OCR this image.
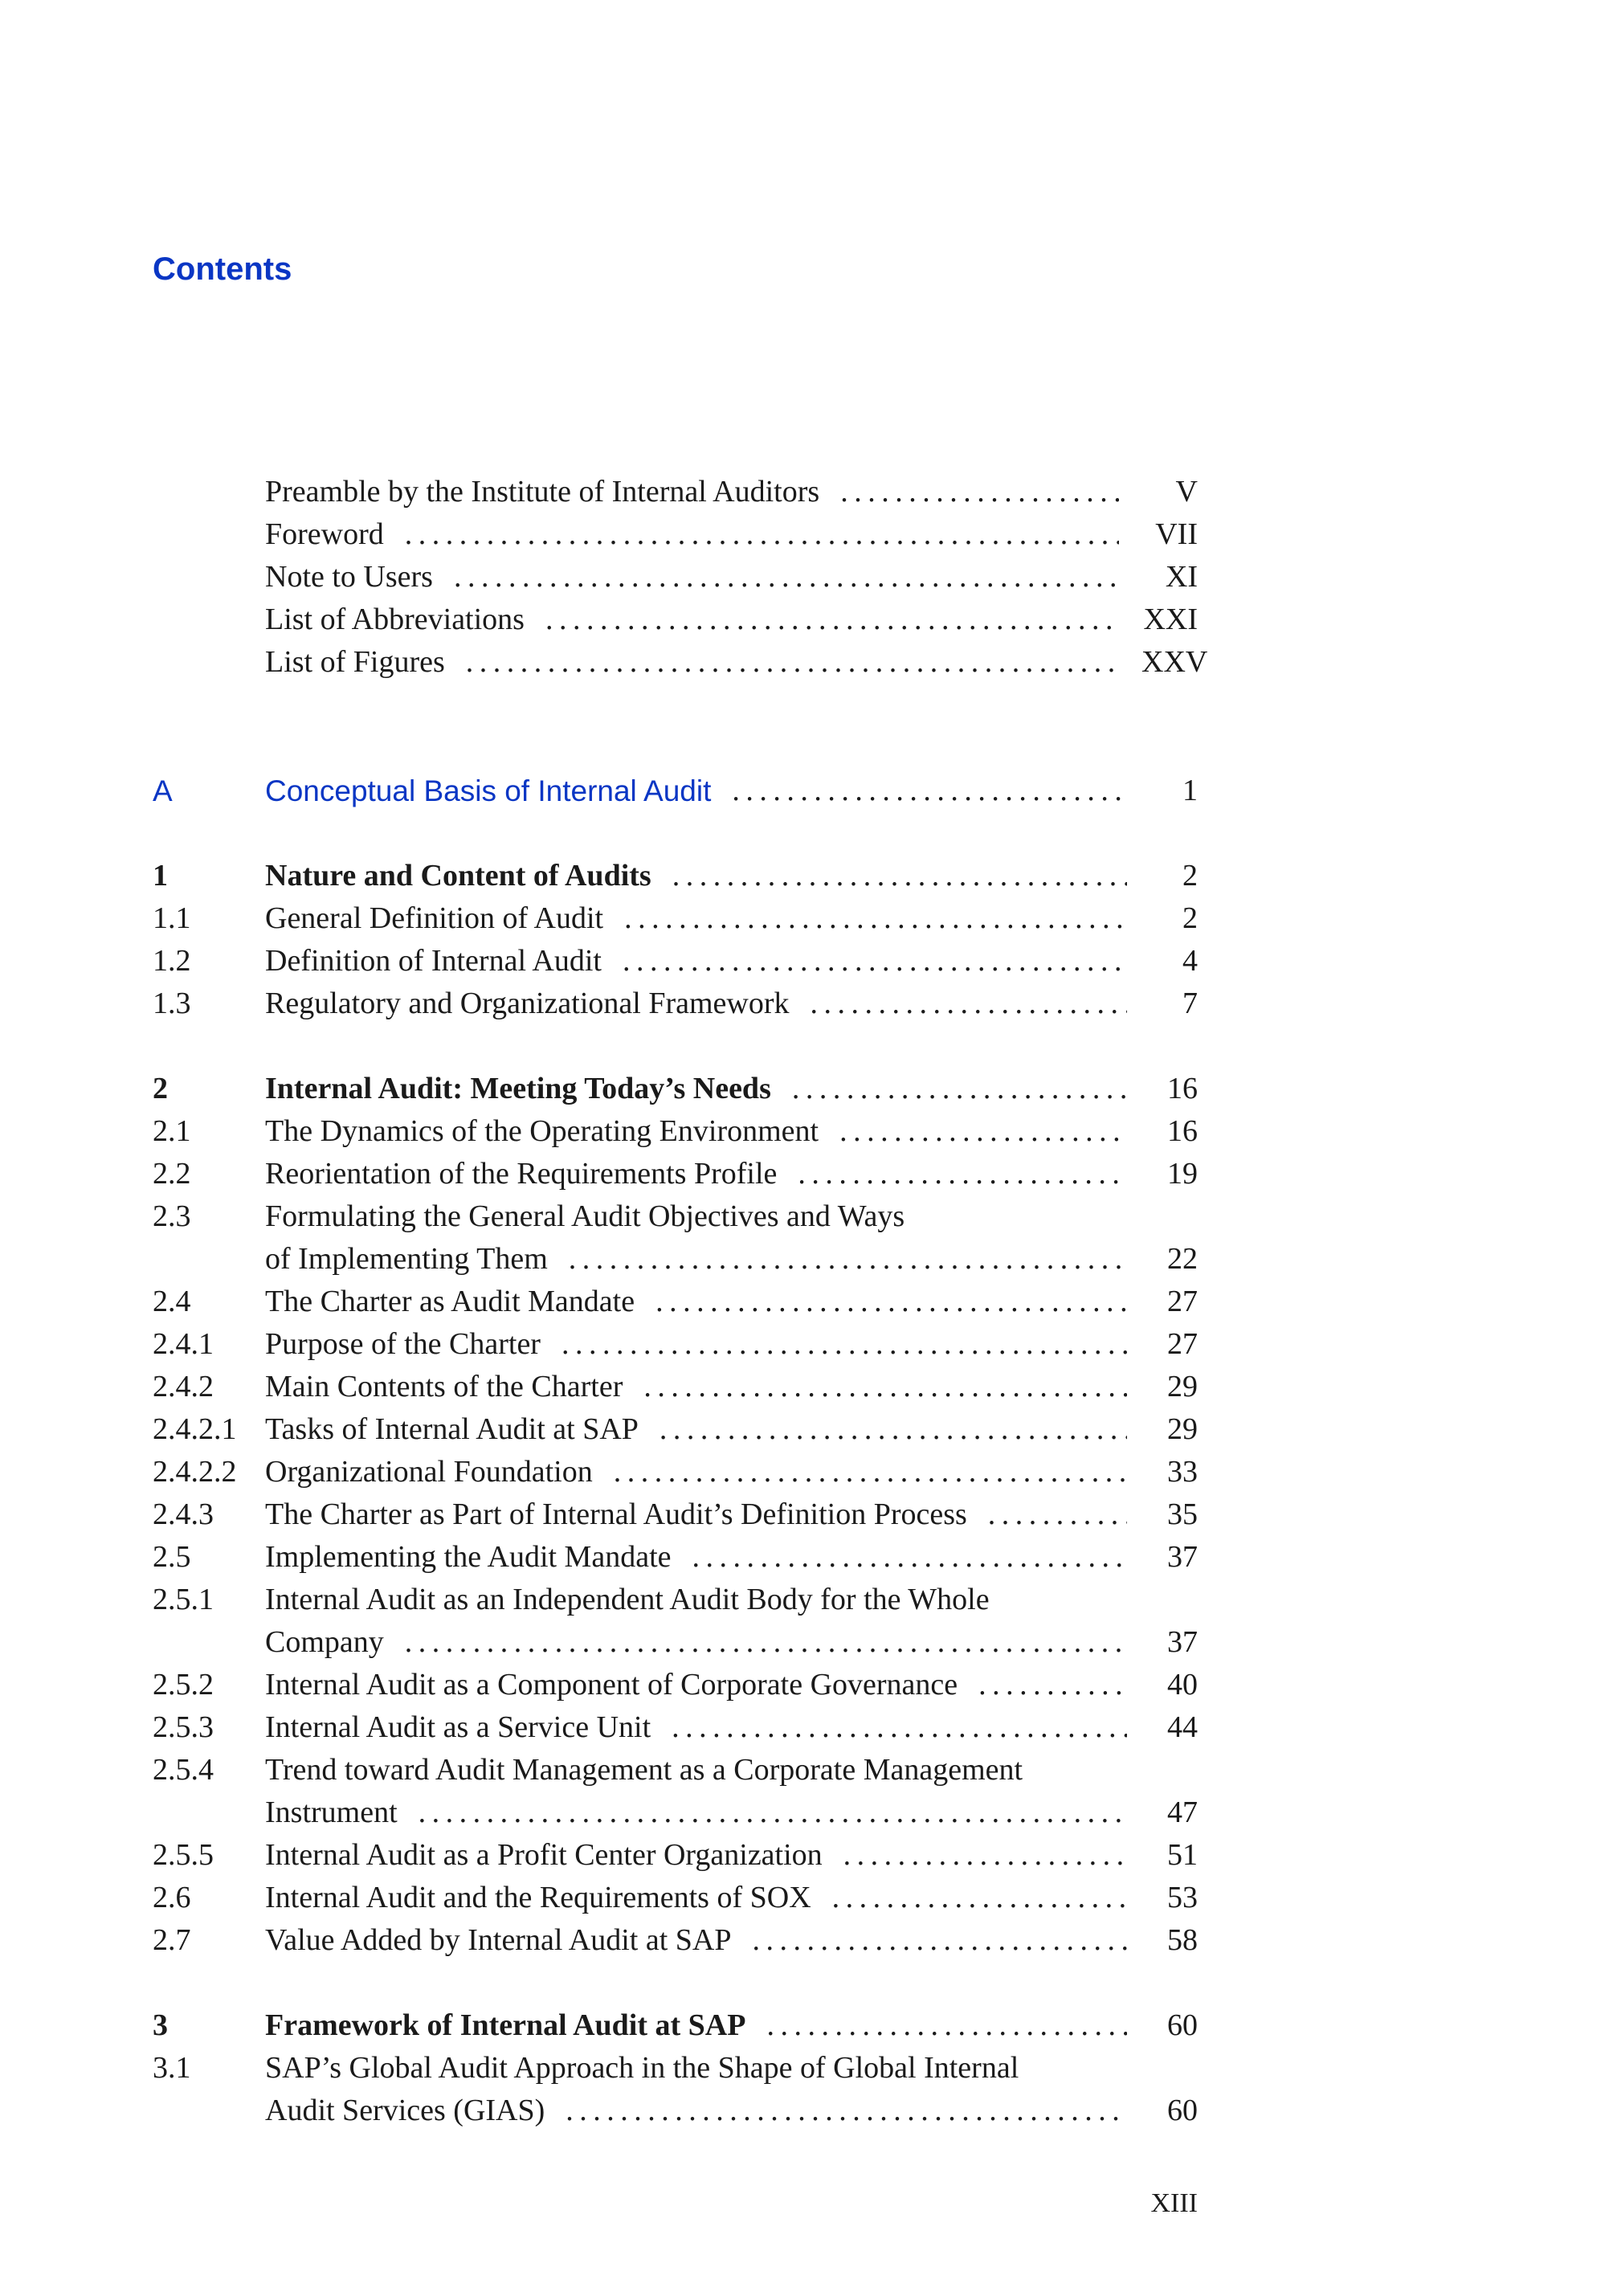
Contents
Preamble by the Institute of Internal Auditors . . .	V
Foreword . . .	VII
Note to Users . . .	XI
List of Abbreviations . . .	XXI
List of Figures . . .	XXV
A	Conceptual Basis of Internal Audit . . .	1
1	Nature and Content of Audits . . .	2
1.1	General Definition of Audit . . .	2
1.2	Definition of Internal Audit . . .	4
1.3	Regulatory and Organizational Framework . . .	7
2	Internal Audit: Meeting Today’s Needs . . .	16
2.1	The Dynamics of the Operating Environment . . .	16
2.2	Reorientation of the Requirements Profile . . .	19
2.3	Formulating the General Audit Objectives and Ways
of Implementing Them . . .	22
2.4	The Charter as Audit Mandate . . .	27
2.4.1	Purpose of the Charter . . .	27
2.4.2	Main Contents of the Charter . . .	29
2.4.2.1 Tasks of Internal Audit at SAP . . .	29
2.4.2.2 Organizational Foundation . . .	33
2.4.3	The Charter as Part of Internal Audit’s Definition Process . . .	35
2.5	Implementing the Audit Mandate . . .	37
2.5.1	Internal Audit as an Independent Audit Body for the Whole
Company . . .	37
2.5.2	Internal Audit as a Component of Corporate Governance . . .	40
2.5.3	Internal Audit as a Service Unit . . .	44
2.5.4	Trend toward Audit Management as a Corporate Management
Instrument . . .	47
2.5.5	Internal Audit as a Profit Center Organization . . .	51
2.6	Internal Audit and the Requirements of SOX . . .	53
2.7	Value Added by Internal Audit at SAP . . .	58
3	Framework of Internal Audit at SAP . . .	60
3.1	SAP’s Global Audit Approach in the Shape of Global Internal
Audit Services (GIAS) . . .	60
XIII
